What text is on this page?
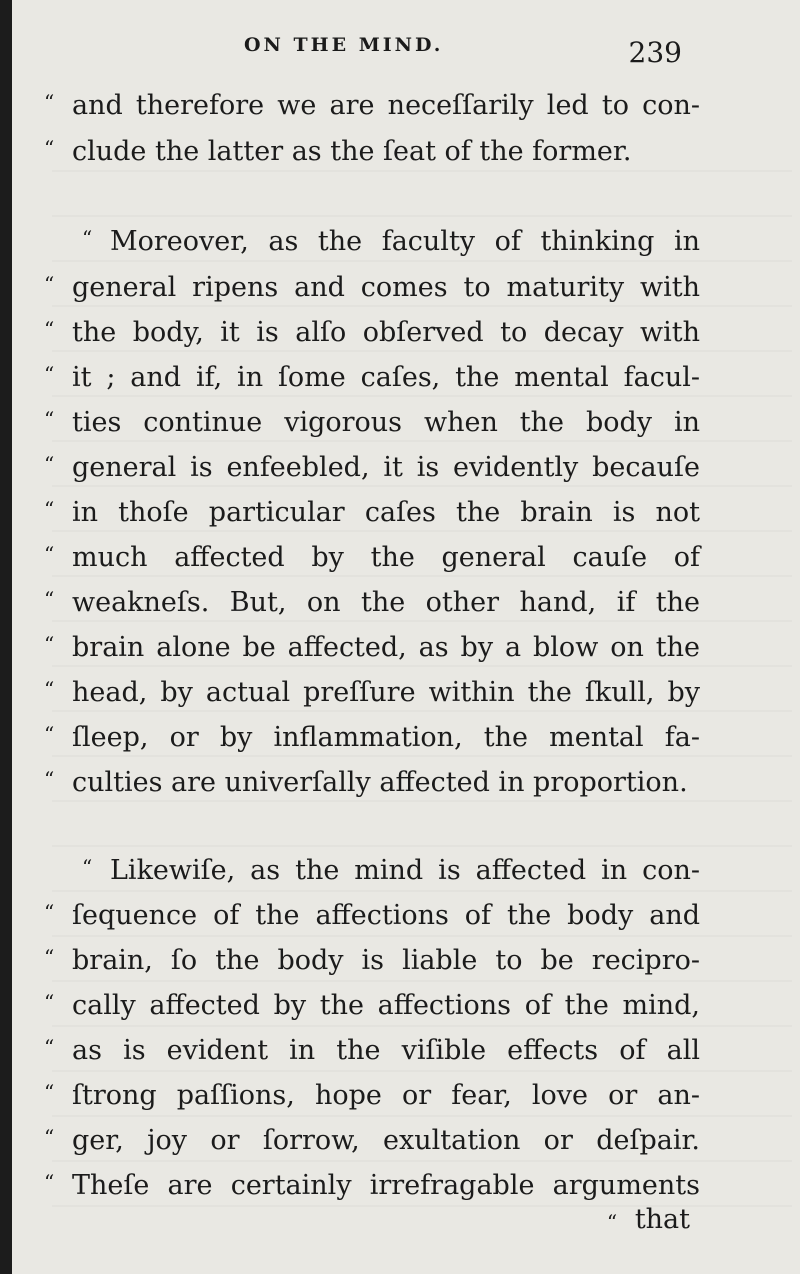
ON THE MIND.	239
“ and therefore we are neceſſarily led to con-
“ clude the latter as the ſeat of the former.
“ Moreover, as the faculty of thinking in
“ general ripens and comes to maturity with
“ the body, it is alſo obſerved to decay with
“ it ; and if, in ſome caſes, the mental facul-
“ ties continue vigorous when the body in
“ general is enfeebled, it is evidently becauſe
“ in thoſe particular caſes the brain is not
“ much affected by the general cauſe of
“ weakneſs. But, on the other hand, if the
“ brain alone be affected, as by a blow on the
“ head, by actual preſſure within the ſkull, by
“ ſleep, or by inflammation, the mental fa-
“ culties are univerſally affected in proportion.
“ Likewiſe, as the mind is affected in con-
“ ſequence of the affections of the body and
“ brain, ſo the body is liable to be recipro-
“ cally affected by the affections of the mind,
“ as is evident in the viſible effects of all
“ ſtrong paſſions, hope or fear, love or an-
“ ger, joy or ſorrow, exultation or deſpair.
“ Theſe are certainly irrefragable arguments
“ that
